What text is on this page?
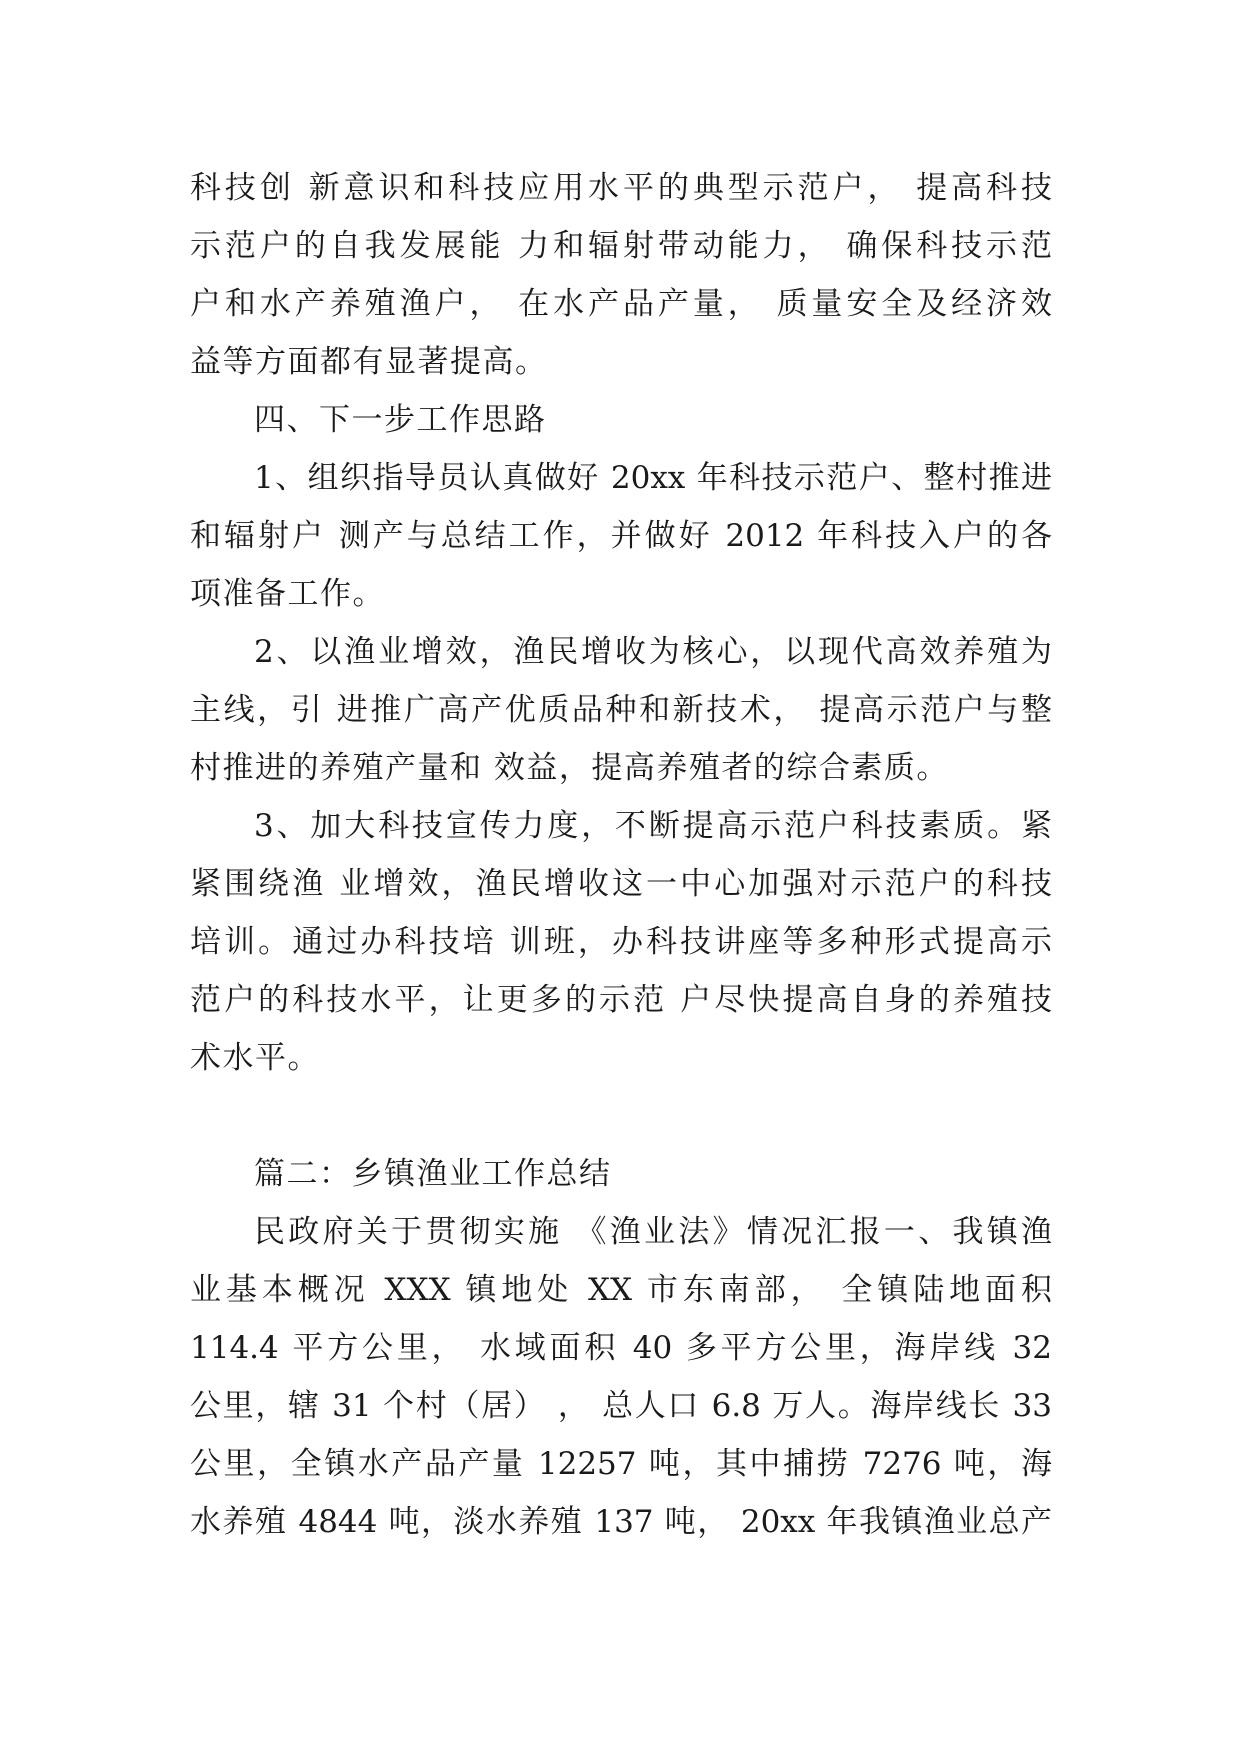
科技创 新意识和科技应用水平的典型示范户， 提高科技
示范户的自我发展能 力和辐射带动能力， 确保科技示范
户和水产养殖渔户， 在水产品产量， 质量安全及经济效
益等方面都有显著提高。
四、下一步工作思路
1、组织指导员认真做好 20xx 年科技示范户、整村推进
和辐射户 测产与总结工作，并做好 2012 年科技入户的各
项准备工作。
2、以渔业增效，渔民增收为核心，以现代高效养殖为
主线，引 进推广高产优质品种和新技术， 提高示范户与整
村推进的养殖产量和 效益，提高养殖者的综合素质。
3、加大科技宣传力度，不断提高示范户科技素质。紧
紧围绕渔 业增效，渔民增收这一中心加强对示范户的科技
培训。通过办科技培 训班，办科技讲座等多种形式提高示
范户的科技水平，让更多的示范 户尽快提高自身的养殖技
术水平。
篇二：乡镇渔业工作总结
民政府关于贯彻实施 《渔业法》情况汇报一、我镇渔
业基本概况 XXX 镇地处 XX 市东南部， 全镇陆地面积
114.4 平方公里， 水域面积 40 多平方公里，海岸线 32
公里，辖 31 个村（居） ， 总人口 6.8 万人。海岸线长 33
公里，全镇水产品产量 12257 吨，其中捕捞 7276 吨，海
水养殖 4844 吨，淡水养殖 137 吨， 20xx 年我镇渔业总产
